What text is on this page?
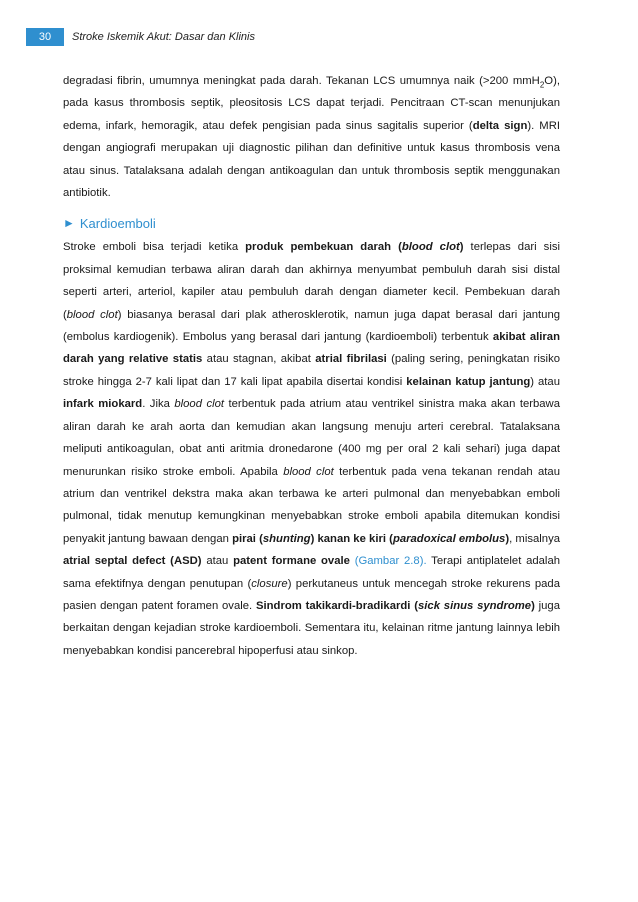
30	Stroke Iskemik Akut: Dasar dan Klinis

degradasi fibrin, umumnya meningkat pada darah. Tekanan LCS umumnya naik (>200 mmH$_2$O), pada kasus thrombosis septik, pleositosis LCS dapat terjadi. Pencitraan CT-scan menunjukan edema, infark, hemoragik, atau defek pengisian pada sinus sagitalis superior (delta sign). MRI dengan angiografi merupakan uji diagnostic pilihan dan definitive untuk kasus thrombosis vena atau sinus. Tatalaksana adalah dengan antikoagulan dan untuk thrombosis septik menggunakan antibiotik.

► Kardioemboli

Stroke emboli bisa terjadi ketika produk pembekuan darah (blood clot) terlepas dari sisi proksimal kemudian terbawa aliran darah dan akhirnya menyumbat pembuluh darah sisi distal seperti arteri, arteriol, kapiler atau pembuluh darah dengan diameter kecil. Pembekuan darah (blood clot) biasanya berasal dari plak atherosklerotik, namun juga dapat berasal dari jantung (embolus kardiogenik). Embolus yang berasal dari jantung (kardioemboli) terbentuk akibat aliran darah yang relative statis atau stagnan, akibat atrial fibrilasi (paling sering, peningkatan risiko stroke hingga 2-7 kali lipat dan 17 kali lipat apabila disertai kondisi kelainan katup jantung) atau infark miokard. Jika blood clot terbentuk pada atrium atau ventrikel sinistra maka akan terbawa aliran darah ke arah aorta dan kemudian akan langsung menuju arteri cerebral. Tatalaksana meliputi antikoagulan, obat anti aritmia dronedarone (400 mg per oral 2 kali sehari) juga dapat menurunkan risiko stroke emboli. Apabila blood clot terbentuk pada vena tekanan rendah atau atrium dan ventrikel dekstra maka akan terbawa ke arteri pulmonal dan menyebabkan emboli pulmonal, tidak menutup kemungkinan menyebabkan stroke emboli apabila ditemukan kondisi penyakit jantung bawaan dengan pirai (shunting) kanan ke kiri (paradoxical embolus), misalnya atrial septal defect (ASD) atau patent formane ovale (Gambar 2.8). Terapi antiplatelet adalah sama efektifnya dengan penutupan (closure) perkutaneus untuk mencegah stroke rekurens pada pasien dengan patent foramen ovale. Sindrom takikardi-bradikardi (sick sinus syndrome) juga berkaitan dengan kejadian stroke kardioemboli. Sementara itu, kelainan ritme jantung lainnya lebih menyebabkan kondisi pancerebral hipoperfusi atau sinkop.
